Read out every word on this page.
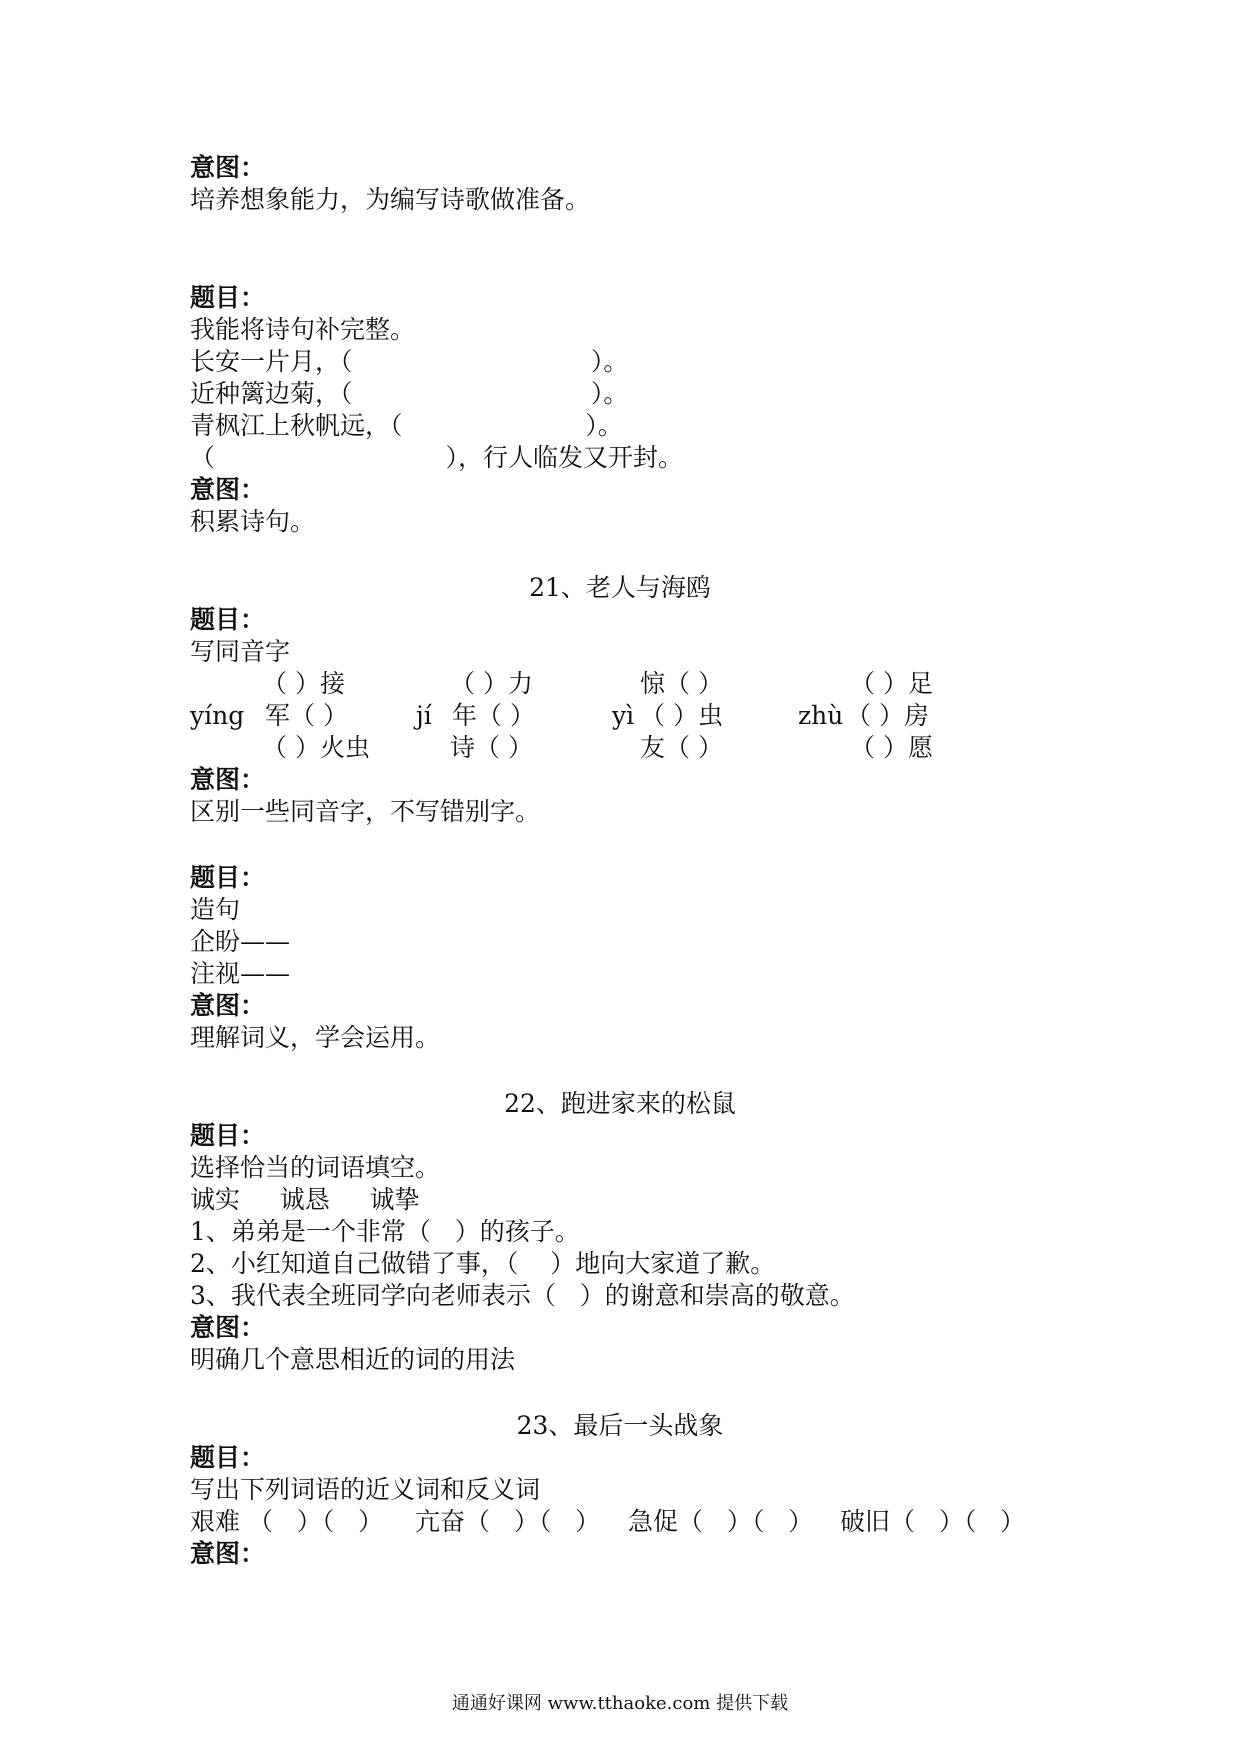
意图：
培养想象能力，为编写诗歌做准备。
题目：
我能将诗句补完整。
长安一片月，（                              ）。
近种篱边菊，（                              ）。
青枫江上秋帆远，（                       ）。
（                             ），行人临发又开封。
意图：
积累诗句。
21、老人与海鸥
题目：
写同音字
（ ）接	（ ）力	惊（ ）	（ ）足
yíng 军（ ）	jí 年（ ）	yì （ ）虫	zhù （ ）房
（ ）火虫	诗（ ）	友（ ）	（ ）愿
意图：
区别一些同音字，不写错别字。
题目：
造句
企盼——
注视——
意图：
理解词义，学会运用。
22、跑进家来的松鼠
题目：
选择恰当的词语填空。
诚实     诚恳     诚挚
1、弟弟是一个非常（   ）的孩子。
2、小红知道自己做错了事，（    ）地向大家道了歉。
3、我代表全班同学向老师表示（   ）的谢意和崇高的敬意。
意图：
明确几个意思相近的词的用法
23、最后一头战象
题目：
写出下列词语的近义词和反义词
艰难 （   ）（   ） 亢奋（   ）（   ） 急促（   ）（   ） 破旧（   ）（   ）
意图：
通通好课网 www.tthaoke.com 提供下载
